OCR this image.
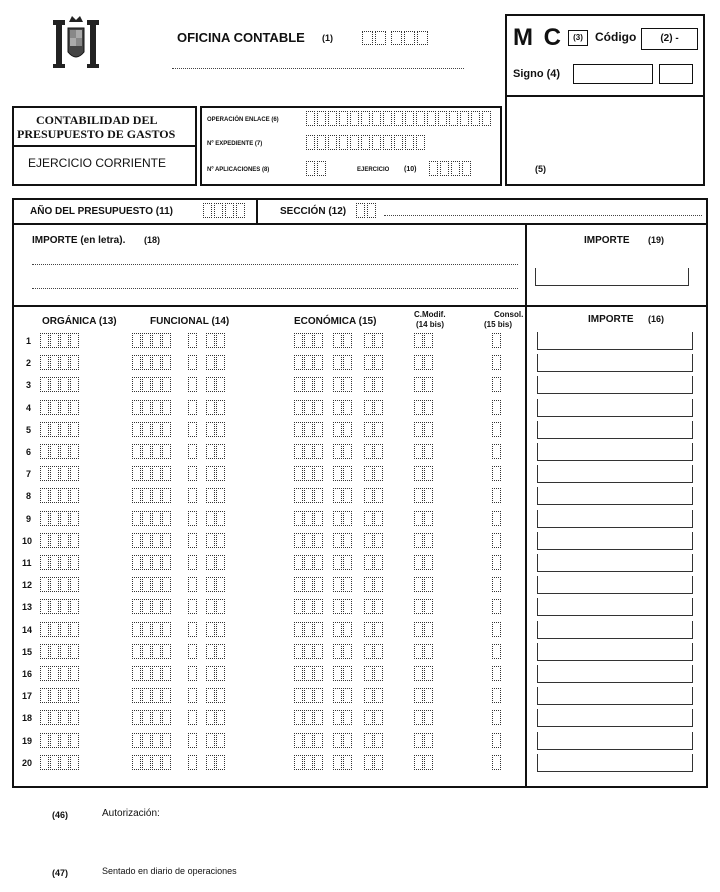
OFICINA CONTABLE (1)	M C	(3)	Código	(2) -
Signo (4)
(5)
CONTABILIDAD DEL
PRESUPUESTO DE GASTOS
EJERCICIO CORRIENTE
OPERACIÓN ENLACE (6)
Nº EXPEDIENTE (7)
Nº APLICACIONES (8)	EJERCICIO (10)
AÑO DEL PRESUPUESTO (11)	SECCIÓN (12)
IMPORTE (en letra). (18)	IMPORTE (19)
ORGÁNICA (13)	FUNCIONAL (14)	ECONÓMICA (15)
C.Modif.
(14 bis)
Consol.
(15 bis)	IMPORTE (16)
1
2
3
4
5
6
7
8
9
10
11
12
13
14
15
16
17
18
19
20
(46)	Autorización:
(47)	Sentado en diario de operaciones
